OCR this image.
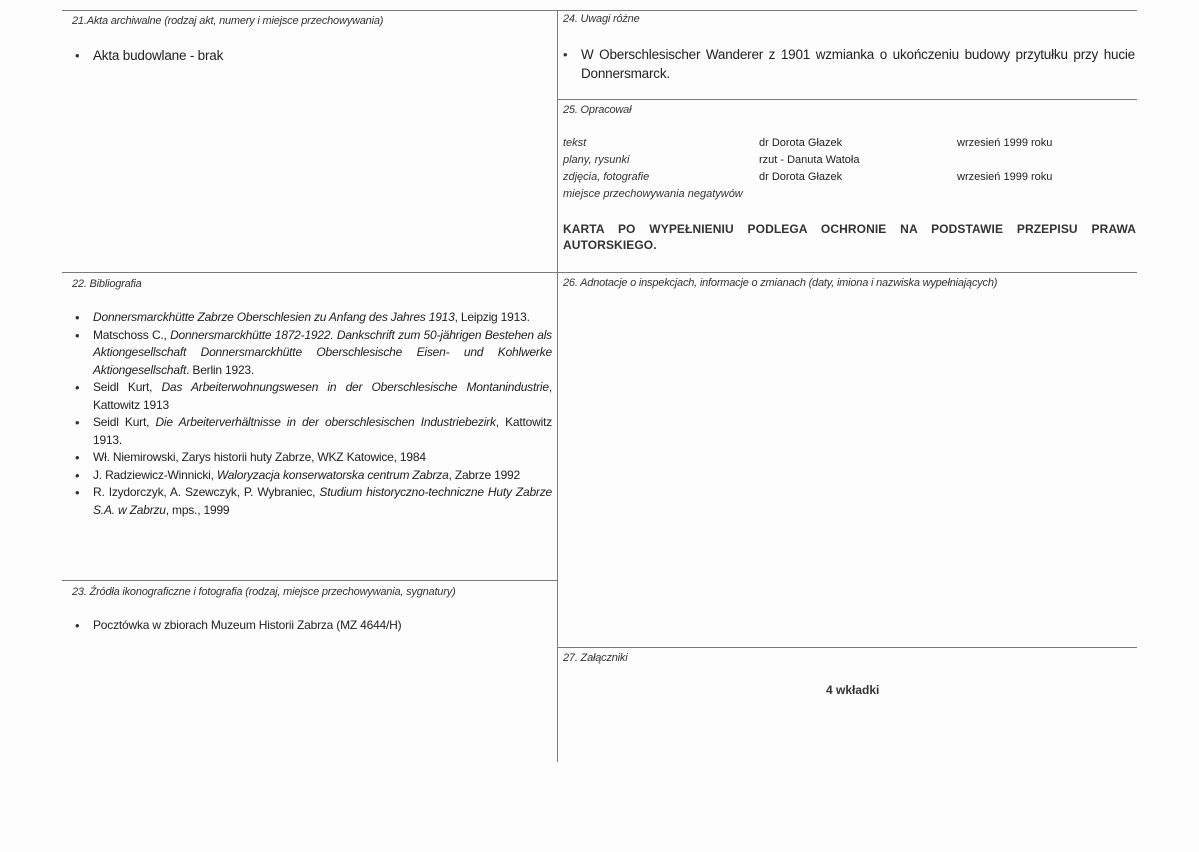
21.Akta archiwalne (rodzaj akt, numery i miejsce przechowywania)
• Akta budowlane - brak
24. Uwagi różne
• W Oberschlesischer Wanderer z 1901 wzmianka o ukończeniu budowy przytułku przy hucie Donnersmarck.
25. Opracował
tekst	dr Dorota Głazek	wrzesień 1999 roku
plany, rysunki	rzut - Danuta Watoła
zdjęcia, fotografie	dr Dorota Głazek	wrzesień 1999 roku
miejsce przechowywania negatywów
KARTA PO WYPEŁNIENIU PODLEGA OCHRONIE NA PODSTAWIE PRZEPISU PRAWA
AUTORSKIEGO.
22. Bibliografia
• Donnersmarckhütte Zabrze Oberschlesien zu Anfang des Jahres 1913, Leipzig 1913.
• Matschoss C., Donnersmarckhütte 1872-1922. Dankschrift zum 50-jährigen Bestehen als Aktiongesellschaft Donnersmarckhütte Oberschlesische Eisen- und Kohlwerke Aktiongesellschaft. Berlin 1923.
• Seidl Kurt, Das Arbeiterwohnungswesen in der Oberschlesische Montanindustrie, Kattowitz 1913
• Seidl Kurt, Die Arbeiterverhältnisse in der oberschlesischen Industriebezirk, Kattowitz 1913.
• Wł. Niemirowski, Zarys historii huty Zabrze, WKZ Katowice, 1984
• J. Radziewicz-Winnicki, Waloryzacja konserwatorska centrum Zabrza, Zabrze 1992
• R. Izydorczyk, A. Szewczyk, P. Wybraniec, Studium historyczno-techniczne Huty Zabrze S.A. w Zabrzu, mps., 1999
26. Adnotacje o inspekcjach, informacje o zmianach (daty, imiona i nazwiska wypełniających)
23. Źródła ikonograficzne i fotografia (rodzaj, miejsce przechowywania, sygnatury)
• Pocztówka w zbiorach Muzeum Historii Zabrza (MZ 4644/H)
27. Załączniki
4 wkładki
